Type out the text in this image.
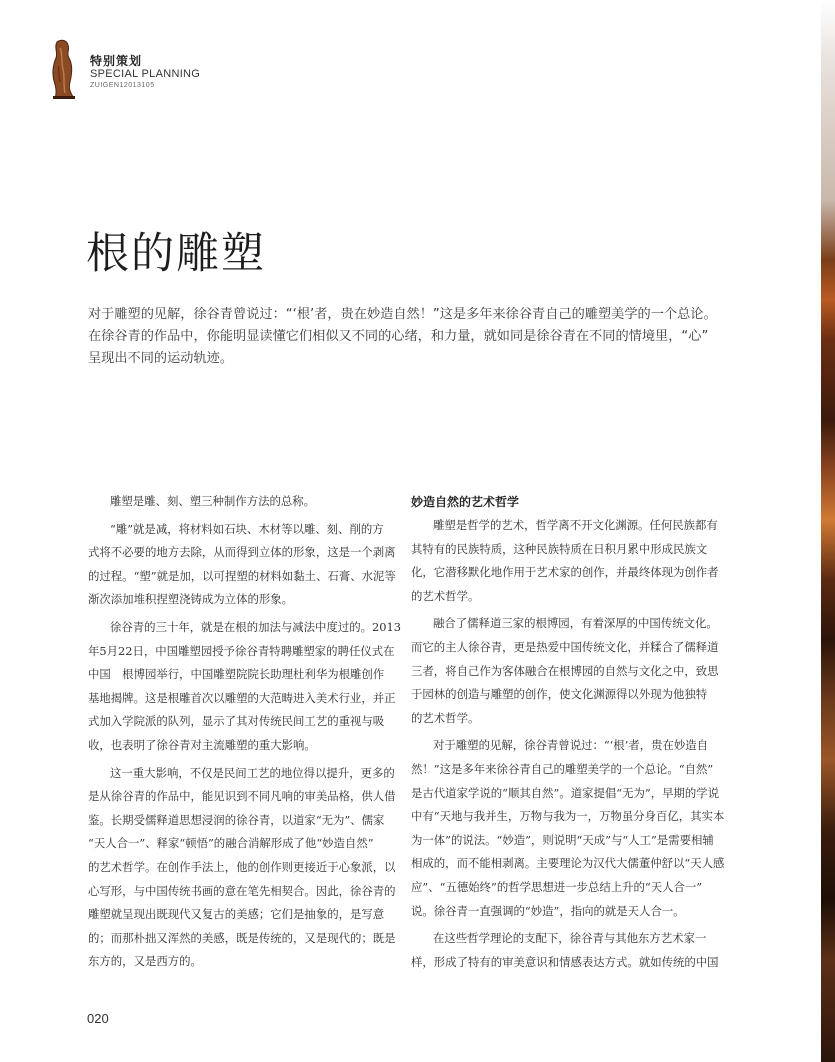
特别策划
SPECIAL PLANNING
ZUIGEN12013105
根的雕塑

对于雕塑的见解，徐谷青曾说过：“‘根’者，贵在妙造自然！”这是多年来徐谷青自己的雕塑美学的一个总论。

在徐谷青的作品中，你能明显读懂它们相似又不同的心绪，和力量，就如同是徐谷青在不同的情境里，“心”

呈现出不同的运动轨迹。

雕塑是雕、刻、塑三种制作方法的总称。
“雕”就是减，将材料如石块、木材等以雕、刻、削的方
式将不必要的地方去除，从而得到立体的形象，这是一个剥离
的过程。“塑”就是加，以可捏塑的材料如黏土、石膏、水泥等
渐次添加堆积捏塑浇铸成为立体的形象。
徐谷青的三十年，就是在根的加法与减法中度过的。2013
年5月22日，中国雕塑园授予徐谷青特聘雕塑家的聘任仪式在
中国　根博园举行，中国雕塑院院长助理杜利华为根雕创作
基地揭牌。这是根雕首次以雕塑的大范畴进入美术行业，并正
式加入学院派的队列，显示了其对传统民间工艺的重视与吸
收，也表明了徐谷青对主流雕塑的重大影响。
这一重大影响，不仅是民间工艺的地位得以提升，更多的
是从徐谷青的作品中，能见识到不同凡响的审美品格，供人借
鉴。长期受儒释道思想浸润的徐谷青，以道家“无为”、儒家
“天人合一”、释家“顿悟”的融合消解形成了他“妙造自然”
的艺术哲学。在创作手法上，他的创作则更接近于心象派，以
心写形，与中国传统书画的意在笔先相契合。因此，徐谷青的
雕塑就呈现出既现代又复古的美感；它们是抽象的，是写意
的；而那朴拙又浑然的美感，既是传统的，又是现代的；既是
东方的，又是西方的。
妙造自然的艺术哲学
雕塑是哲学的艺术，哲学离不开文化渊源。任何民族都有
其特有的民族特质，这种民族特质在日积月累中形成民族文
化，它潜移默化地作用于艺术家的创作，并最终体现为创作者
的艺术哲学。
融合了儒释道三家的根博园，有着深厚的中国传统文化。
而它的主人徐谷青，更是热爱中国传统文化，并糅合了儒释道
三者，将自己作为客体融合在根博园的自然与文化之中，致思
于园林的创造与雕塑的创作，使文化渊源得以外现为他独特
的艺术哲学。
对于雕塑的见解，徐谷青曾说过：“‘根’者，贵在妙造自
然！”这是多年来徐谷青自己的雕塑美学的一个总论。“自然”
是古代道家学说的“顺其自然”。道家提倡“无为”，早期的学说
中有“天地与我并生，万物与我为一，万物虽分身百亿，其实本
为一体”的说法。“妙造”，则说明“天成”与“人工”是需要相辅
相成的，而不能相剥离。主要理论为汉代大儒董仲舒以“天人感
应”、“五德始终”的哲学思想进一步总结上升的“天人合一”
说。徐谷青一直强调的“妙造”，指向的就是天人合一。
在这些哲学理论的支配下，徐谷青与其他东方艺术家一
样，形成了特有的审美意识和情感表达方式。就如传统的中国
020
